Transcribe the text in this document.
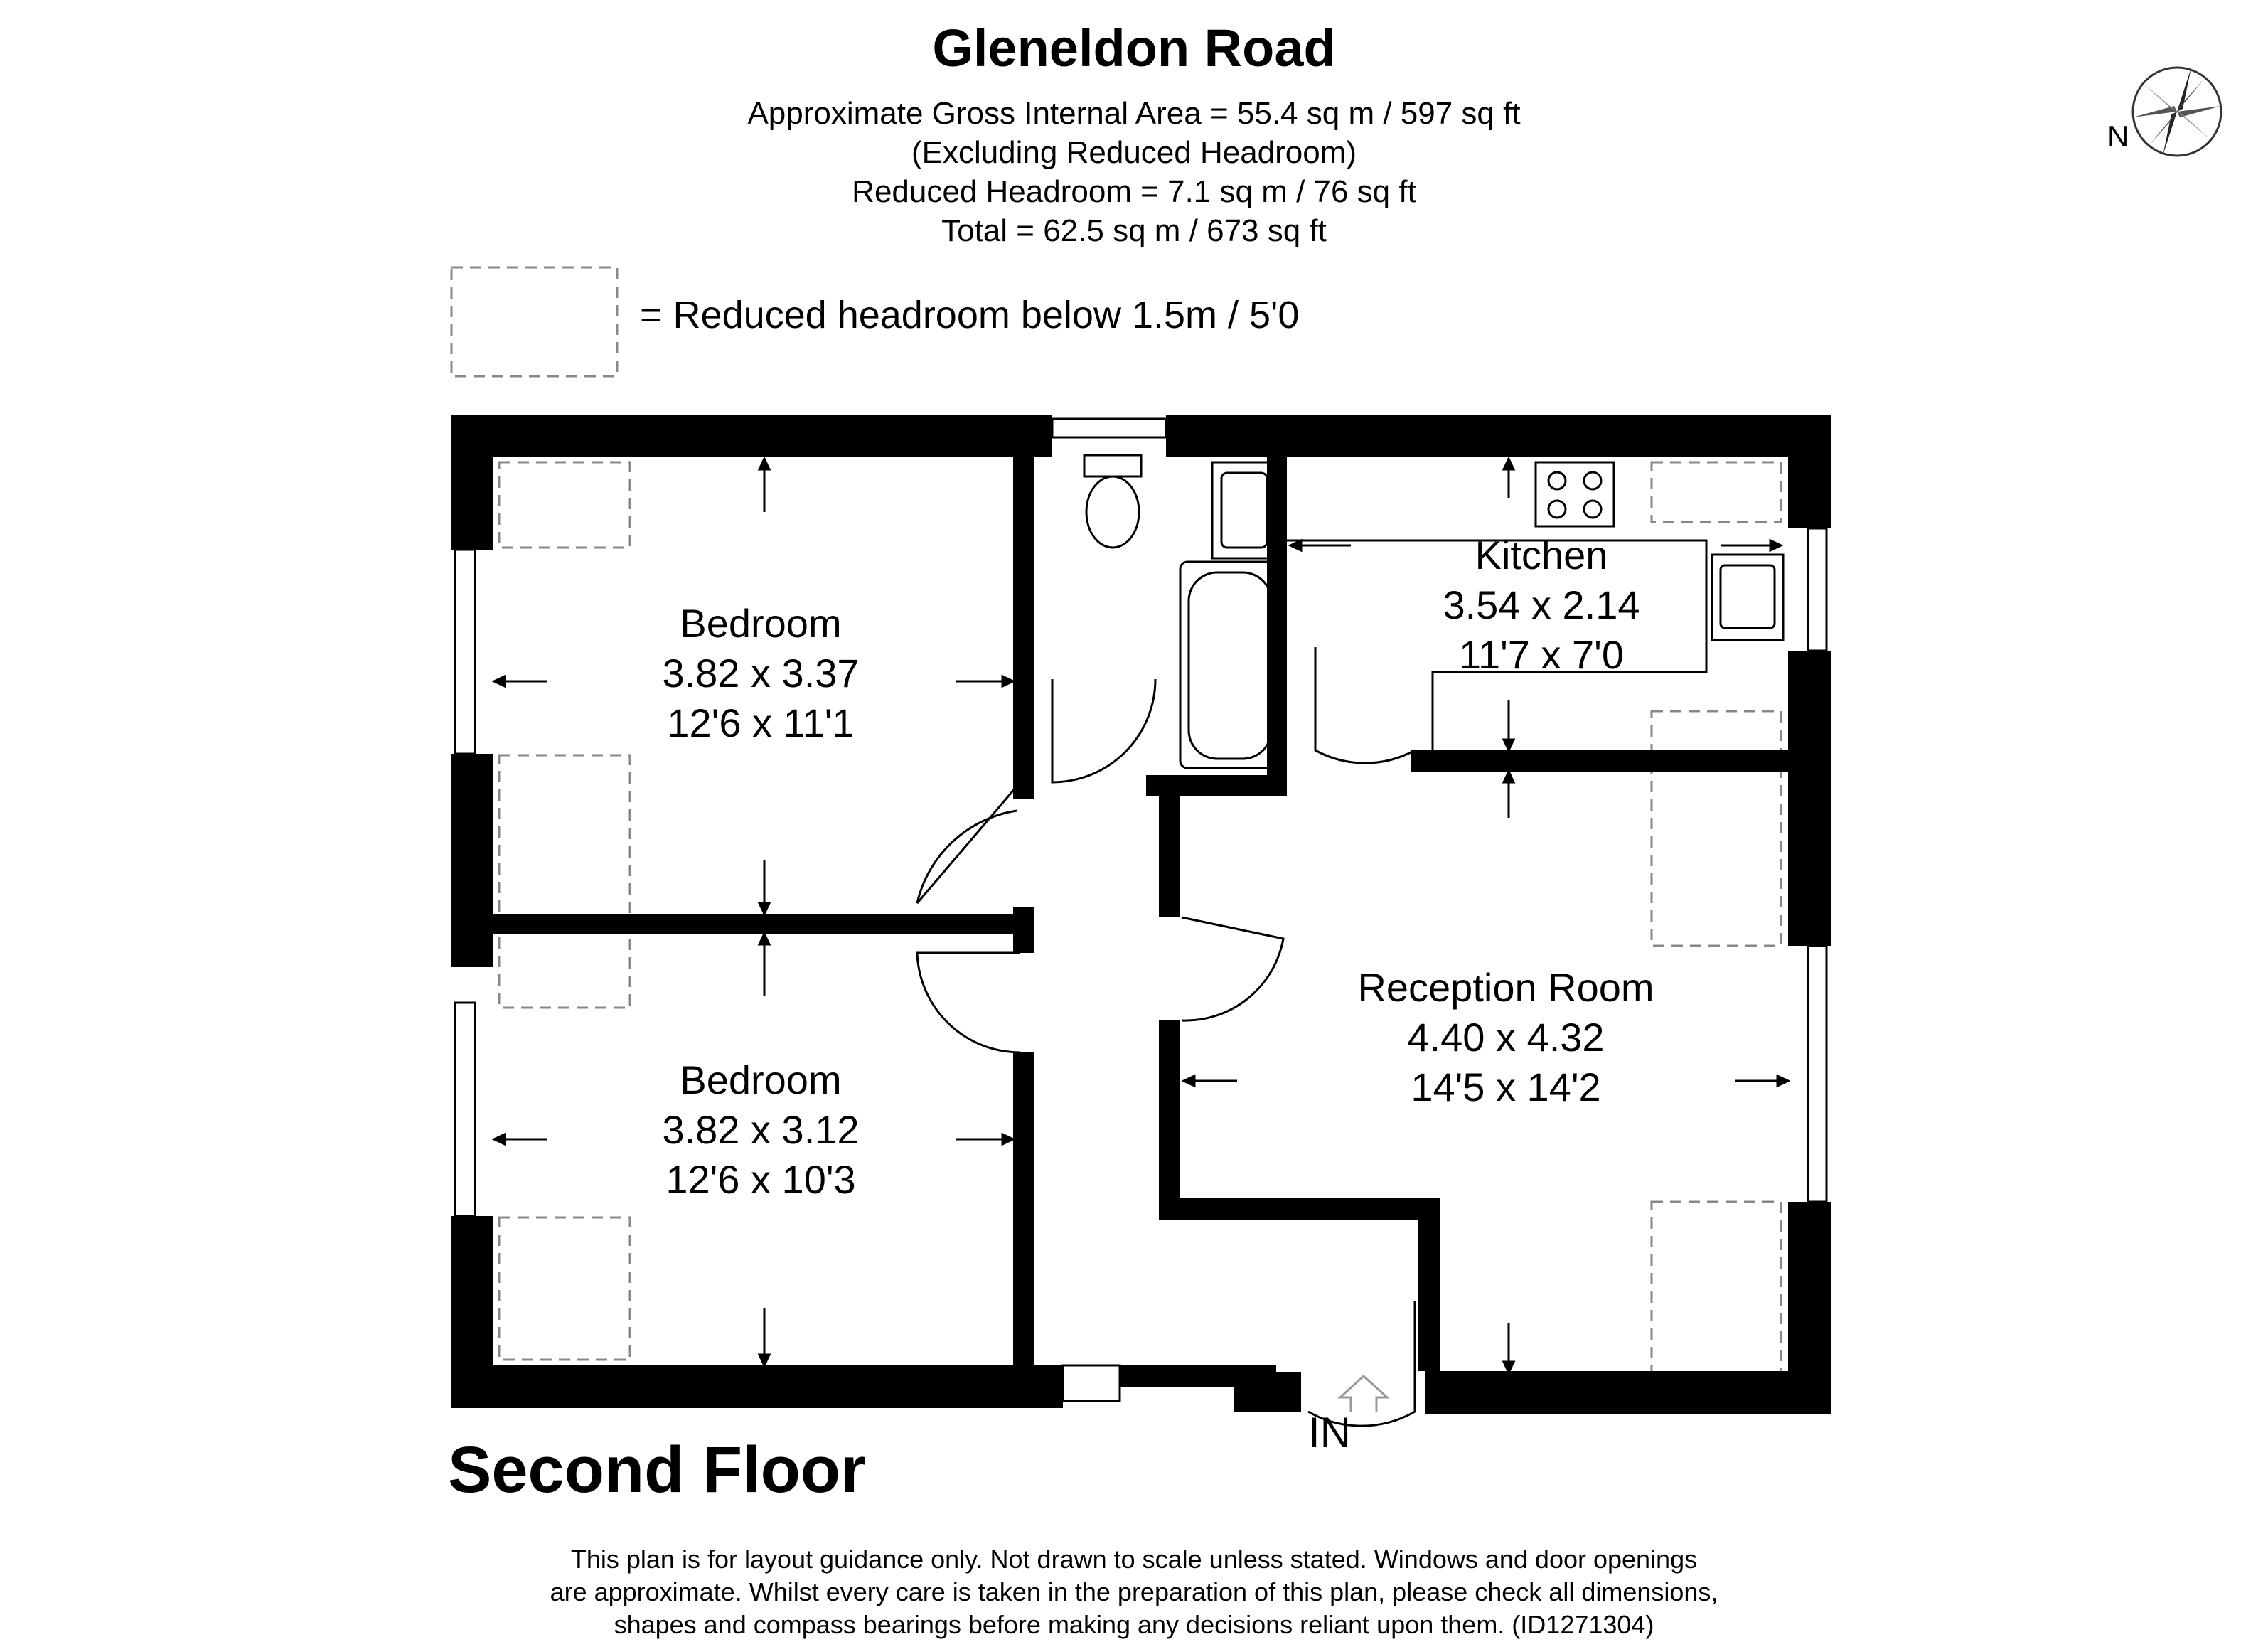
Gleneldon Road
Approximate Gross Internal Area = 55.4 sq m / 597 sq ft
(Excluding Reduced Headroom)
Reduced Headroom = 7.1 sq m / 76 sq ft
Total = 62.5 sq m / 673 sq ft
= Reduced headroom below 1.5m / 5'0
N
Bedroom
3.82 x 3.37
12'6 x 11'1
Bedroom
3.82 x 3.12
12'6 x 10'3
Kitchen
3.54 x 2.14
11'7 x 7'0
Reception Room
4.40 x 4.32
14'5 x 14'2
IN
Second Floor
This plan is for layout guidance only. Not drawn to scale unless stated. Windows and door openings
are approximate. Whilst every care is taken in the preparation of this plan, please check all dimensions,
shapes and compass bearings before making any decisions reliant upon them. (ID1271304)
